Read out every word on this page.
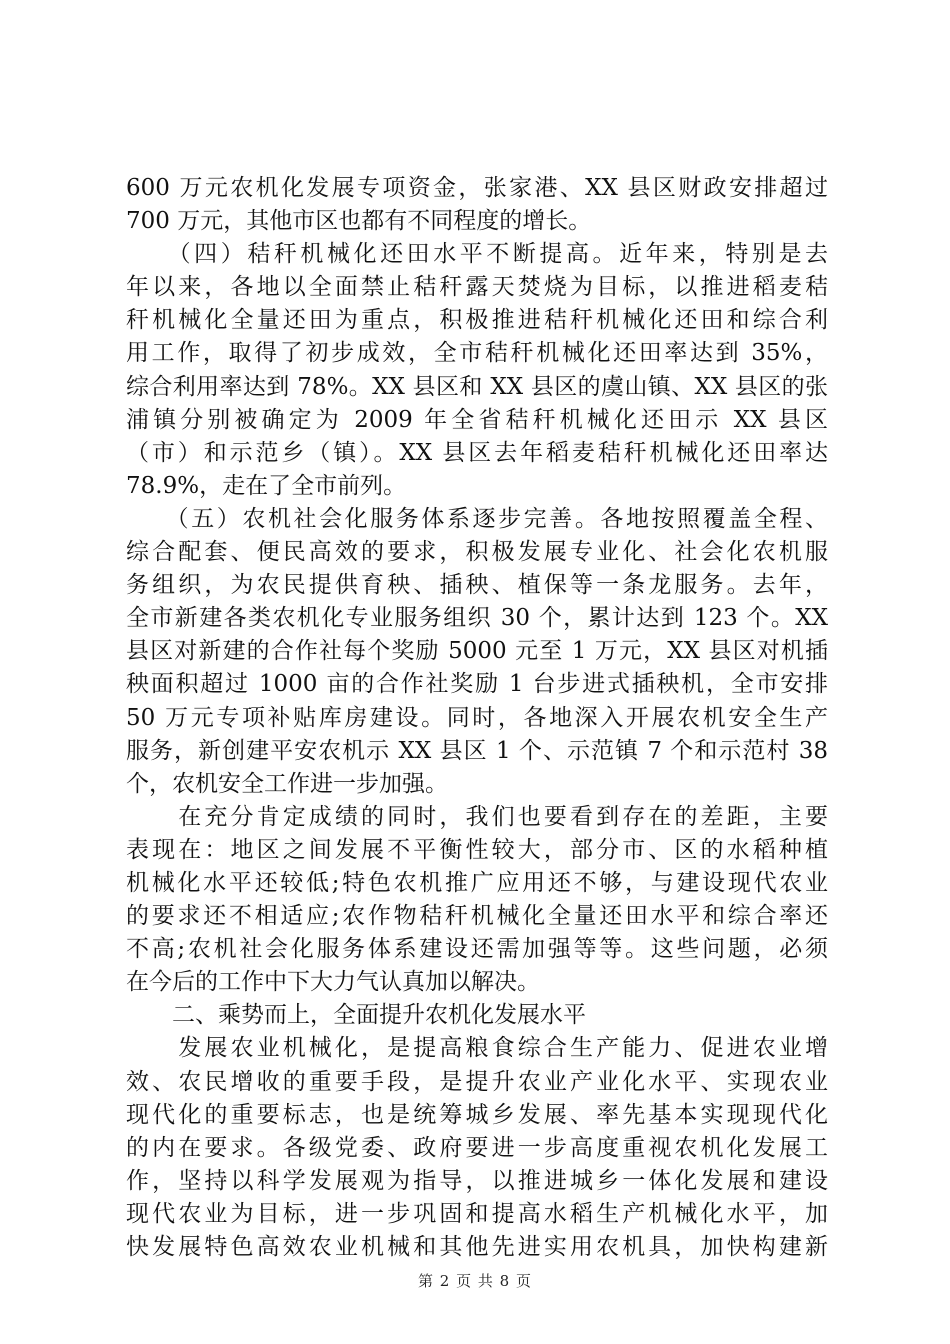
600 万元农机化发展专项资金，张家港、XX 县区财政安排超过
700 万元，其他市区也都有不同程度的增长。
　　（四）秸秆机械化还田水平不断提高。近年来，特别是去
年以来，各地以全面禁止秸秆露天焚烧为目标，以推进稻麦秸
秆机械化全量还田为重点，积极推进秸秆机械化还田和综合利
用工作，取得了初步成效，全市秸秆机械化还田率达到 35%，
综合利用率达到 78%。XX 县区和 XX 县区的虞山镇、XX 县区的张
浦镇分别被确定为 2009 年全省秸秆机械化还田示 XX 县区
（市）和示范乡（镇）。XX 县区去年稻麦秸秆机械化还田率达
78.9%，走在了全市前列。
　　（五）农机社会化服务体系逐步完善。各地按照覆盖全程、
综合配套、便民高效的要求，积极发展专业化、社会化农机服
务组织，为农民提供育秧、插秧、植保等一条龙服务。去年，
全市新建各类农机化专业服务组织 30 个，累计达到 123 个。XX
县区对新建的合作社每个奖励 5000 元至 1 万元，XX 县区对机插
秧面积超过 1000 亩的合作社奖励 1 台步进式插秧机，全市安排
50 万元专项补贴库房建设。同时，各地深入开展农机安全生产
服务，新创建平安农机示 XX 县区 1 个、示范镇 7 个和示范村 38
个，农机安全工作进一步加强。
　　在充分肯定成绩的同时，我们也要看到存在的差距，主要
表现在：地区之间发展不平衡性较大，部分市、区的水稻种植
机械化水平还较低;特色农机推广应用还不够，与建设现代农业
的要求还不相适应;农作物秸秆机械化全量还田水平和综合率还
不高;农机社会化服务体系建设还需加强等等。这些问题，必须
在今后的工作中下大力气认真加以解决。
　　二、乘势而上，全面提升农机化发展水平
　　发展农业机械化，是提高粮食综合生产能力、促进农业增
效、农民增收的重要手段，是提升农业产业化水平、实现农业
现代化的重要标志，也是统筹城乡发展、率先基本实现现代化
的内在要求。各级党委、政府要进一步高度重视农机化发展工
作，坚持以科学发展观为指导，以推进城乡一体化发展和建设
现代农业为目标，进一步巩固和提高水稻生产机械化水平，加
快发展特色高效农业机械和其他先进实用农机具，加快构建新
第 2 页 共 8 页
